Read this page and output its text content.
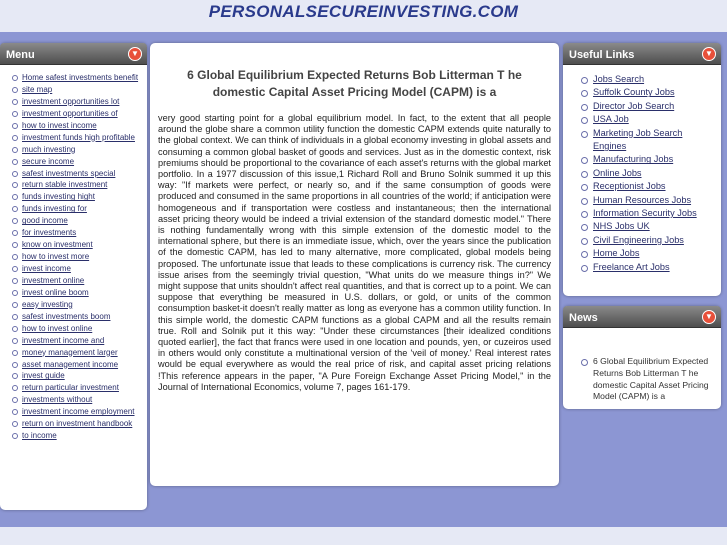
PERSONALSECUREINVESTING.COM
Menu	▼
Home safest investments benefit
site map
investment opportunities lot
investment opportunities of
how to invest income
investment funds high profitable
much investing
secure income
safest investments special
return stable investment
funds investing hight
funds investing for
good income
for investments
know on investment
how to invest more
invest income
investment online
invest online boom
easy investing
safest investments boom
how to invest online
investment income and
money management larger
asset management income
invest guide
return particular investment
investments without
investment income employment
return on investment handbook
to income
6 Global Equilibrium Expected Returns Bob Litterman T he domestic Capital Asset Pricing Model (CAPM) is a
very good starting point for a global equilibrium model. In fact, to the extent that all people around the globe share a common utility function the domestic CAPM extends quite naturally to the global context. We can think of individuals in a global economy investing in global assets and consuming a common global basket of goods and services. Just as in the domestic context, risk premiums should be proportional to the covariance of each asset's returns with the global market portfolio. In a 1977 discussion of this issue,1 Richard Roll and Bruno Solnik summed it up this way: "If markets were perfect, or nearly so, and if the same consumption of goods were produced and consumed in the same proportions in all countries of the world; if anticipation were homogeneous and if transportation were costless and instantaneous; then the international asset pricing theory would be indeed a trivial extension of the standard domestic model." There is nothing fundamentally wrong with this simple extension of the domestic model to the international sphere, but there is an immediate issue, which, over the years since the publication of the domestic CAPM, has led to many alternative, more complicated, global models being proposed. The unfortunate issue that leads to these complications is currency risk. The currency issue arises from the seemingly trivial question, "What units do we measure things in?" We might suppose that units shouldn't affect real quantities, and that is correct up to a point. We can suppose that everything be measured in U.S. dollars, or gold, or units of the common consumption basket-it doesn't really matter as long as everyone has a common utility function. In this simple world, the domestic CAPM functions as a global CAPM and all the results remain true. Roll and Solnik put it this way: "Under these circumstances [their idealized conditions quoted earlier], the fact that francs were used in one location and pounds, yen, or cuzeiros used in others would only constitute a multinational version of the 'veil of money.' Real interest rates would be equal everywhere as would the real price of risk, and capital asset pricing relations !This reference appears in the paper, "A Pure Foreign Exchange Asset Pricing Model," in the Journal of International Economics, volume 7, pages 161-179.
Useful Links	▼
Jobs Search
Suffolk County Jobs
Director Job Search
USA Job
Marketing Job Search Engines
Manufacturing Jobs
Online Jobs
Receptionist Jobs
Human Resources Jobs
Information Security Jobs
NHS Jobs UK
Civil Engineering Jobs
Home Jobs
Freelance Art Jobs
News	▼
6 Global Equilibrium Expected Returns Bob Litterman T he domestic Capital Asset Pricing Model (CAPM) is a
